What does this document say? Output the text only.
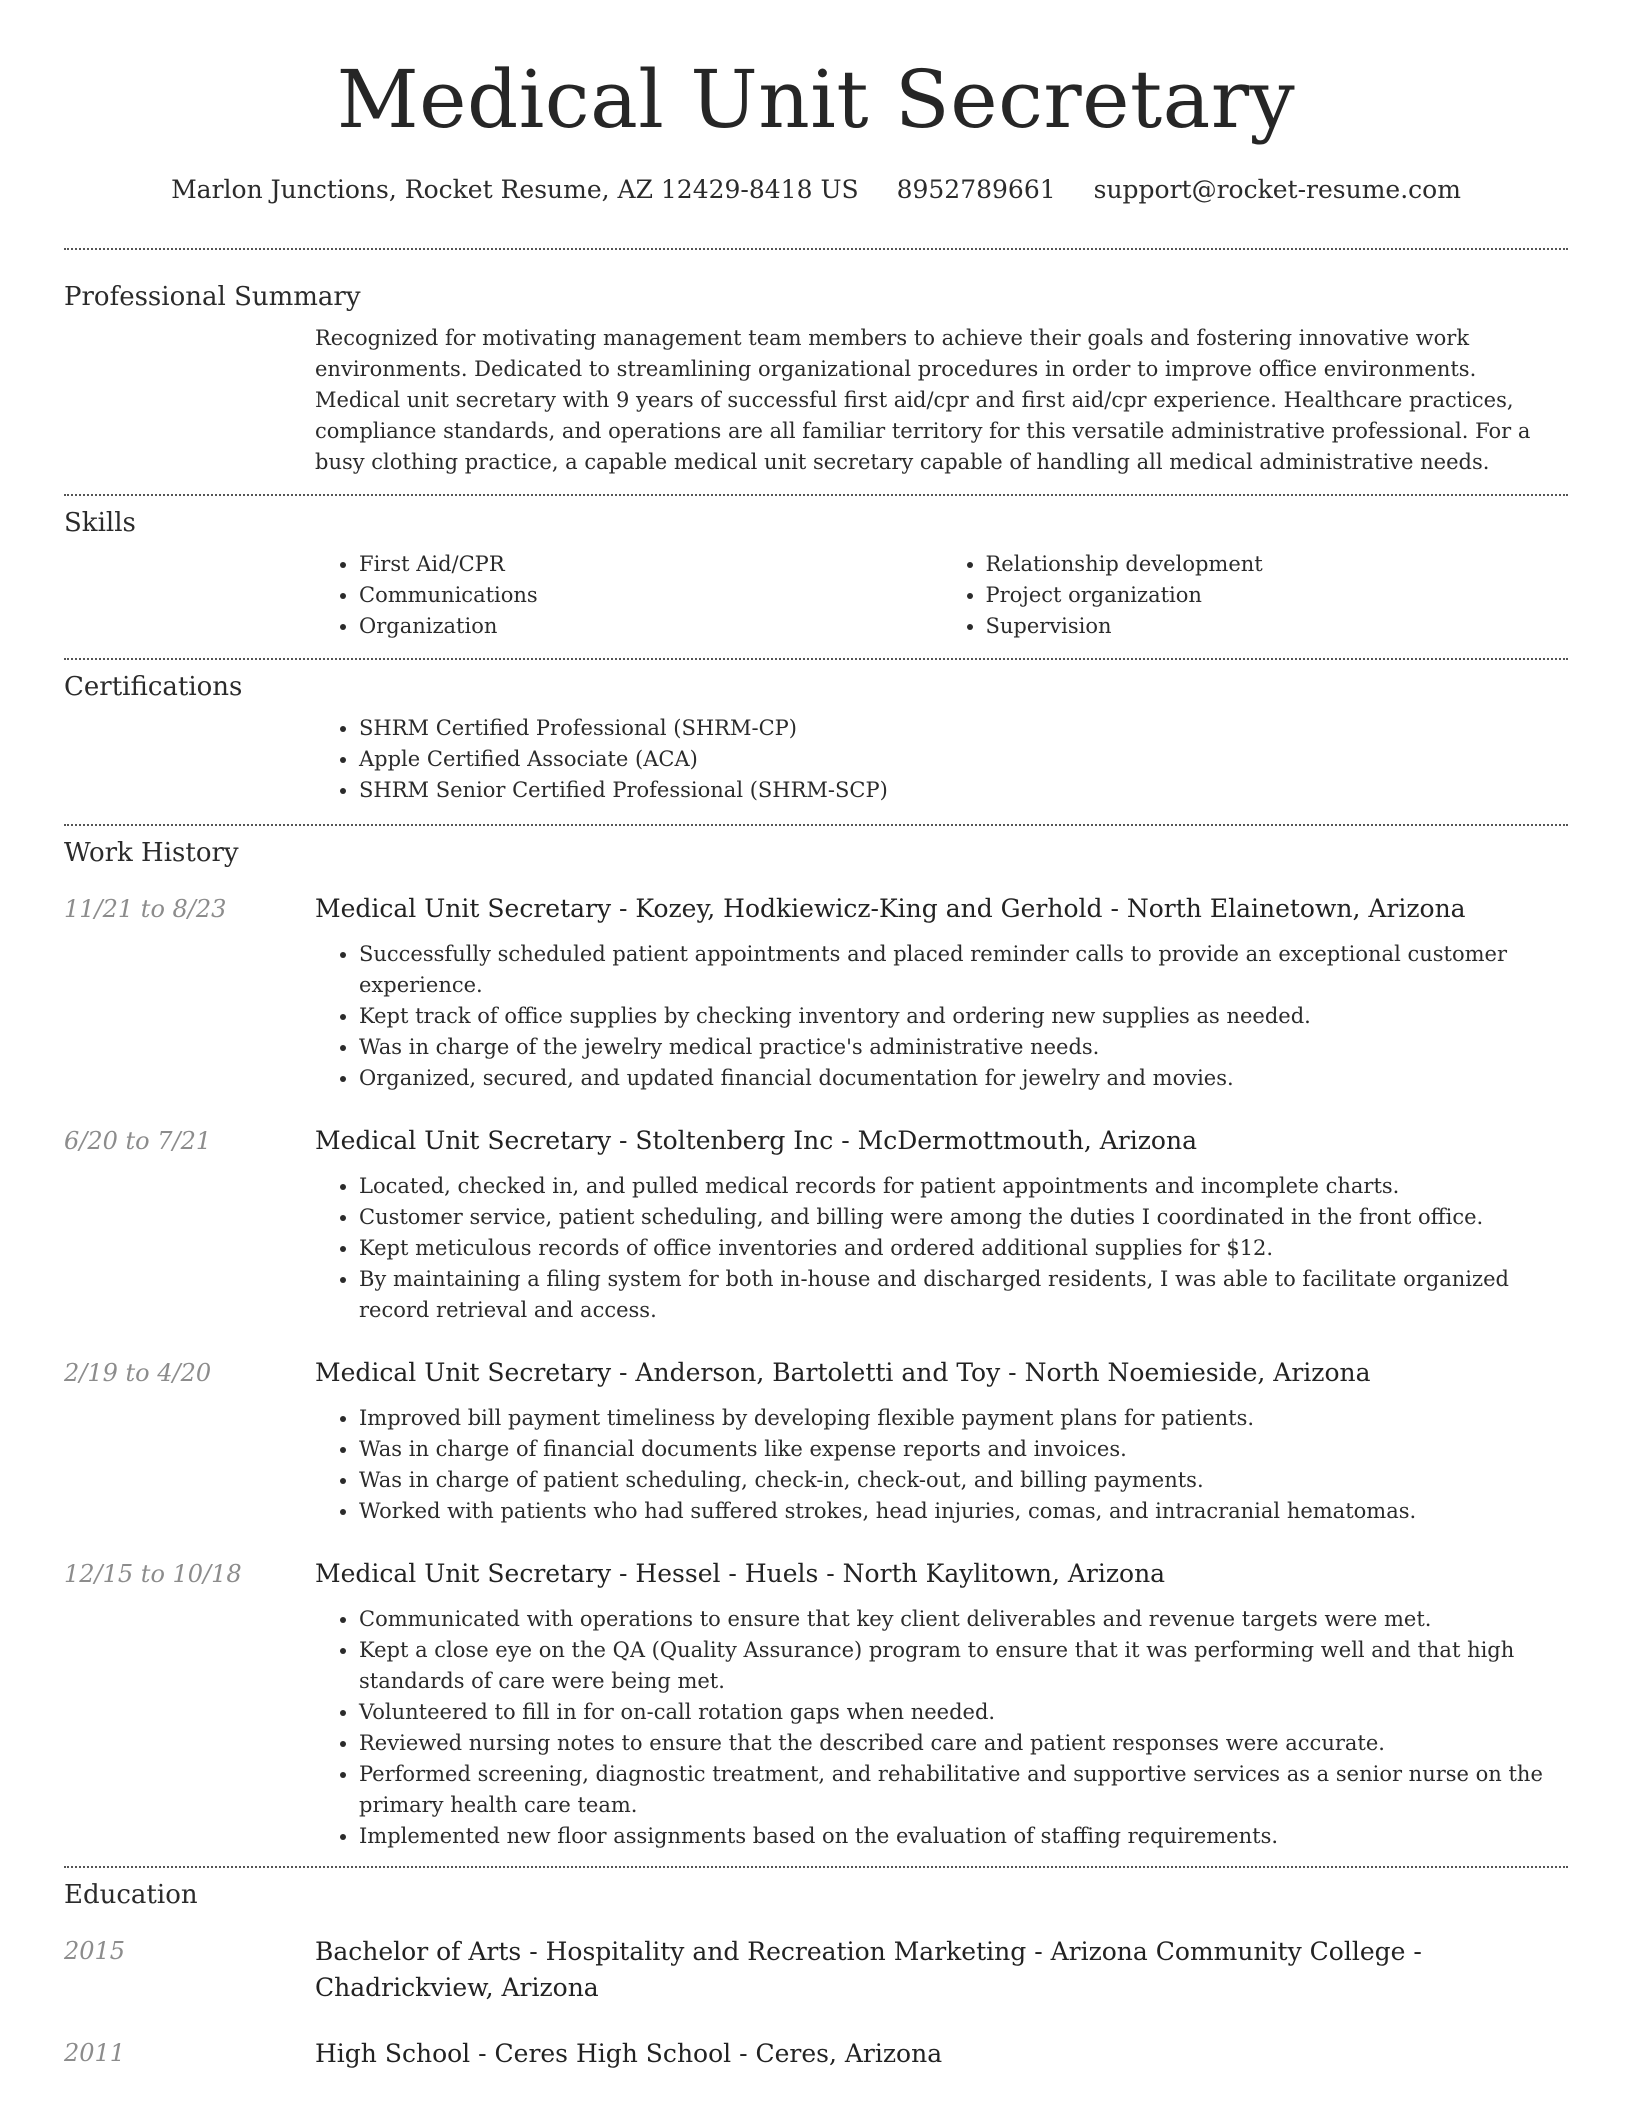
Medical Unit Secretary
Marlon Junctions, Rocket Resume, AZ 12429-8418 US 8952789661 support@rocket-resume.com
Professional Summary

Recognized for motivating management team members to achieve their goals and fostering innovative work environments. Dedicated to streamlining organizational procedures in order to improve office environments. Medical unit secretary with 9 years of successful first aid/cpr and first aid/cpr experience. Healthcare practices, compliance standards, and operations are all familiar territory for this versatile administrative professional. For a busy clothing practice, a capable medical unit secretary capable of handling all medical administrative needs.

Skills
• First Aid/CPR
• Communications
• Organization
• Relationship development
• Project organization
• Supervision
Certifications
• SHRM Certified Professional (SHRM-CP)
• Apple Certified Associate (ACA)
• SHRM Senior Certified Professional (SHRM-SCP)
Work History
11/21 to 8/23	Medical Unit Secretary - Kozey, Hodkiewicz-King and Gerhold - North Elainetown, Arizona

• Successfully scheduled patient appointments and placed reminder calls to provide an exceptional customer experience.
• Kept track of office supplies by checking inventory and ordering new supplies as needed.
• Was in charge of the jewelry medical practice's administrative needs.
• Organized, secured, and updated financial documentation for jewelry and movies.
6/20 to 7/21	Medical Unit Secretary - Stoltenberg Inc - McDermottmouth, Arizona

• Located, checked in, and pulled medical records for patient appointments and incomplete charts.
• Customer service, patient scheduling, and billing were among the duties I coordinated in the front office.
• Kept meticulous records of office inventories and ordered additional supplies for $12.
• By maintaining a filing system for both in-house and discharged residents, I was able to facilitate organized record retrieval and access.
2/19 to 4/20	Medical Unit Secretary - Anderson, Bartoletti and Toy - North Noemieside, Arizona

• Improved bill payment timeliness by developing flexible payment plans for patients.
• Was in charge of financial documents like expense reports and invoices.
• Was in charge of patient scheduling, check-in, check-out, and billing payments.
• Worked with patients who had suffered strokes, head injuries, comas, and intracranial hematomas.
12/15 to 10/18	Medical Unit Secretary - Hessel - Huels - North Kaylitown, Arizona

• Communicated with operations to ensure that key client deliverables and revenue targets were met.
• Kept a close eye on the QA (Quality Assurance) program to ensure that it was performing well and that high standards of care were being met.
• Volunteered to fill in for on-call rotation gaps when needed.
• Reviewed nursing notes to ensure that the described care and patient responses were accurate.
• Performed screening, diagnostic treatment, and rehabilitative and supportive services as a senior nurse on the primary health care team.
• Implemented new floor assignments based on the evaluation of staffing requirements.
Education
2015	Bachelor of Arts - Hospitality and Recreation Marketing - Arizona Community College - Chadrickview, Arizona

2011	High School - Ceres High School - Ceres, Arizona
